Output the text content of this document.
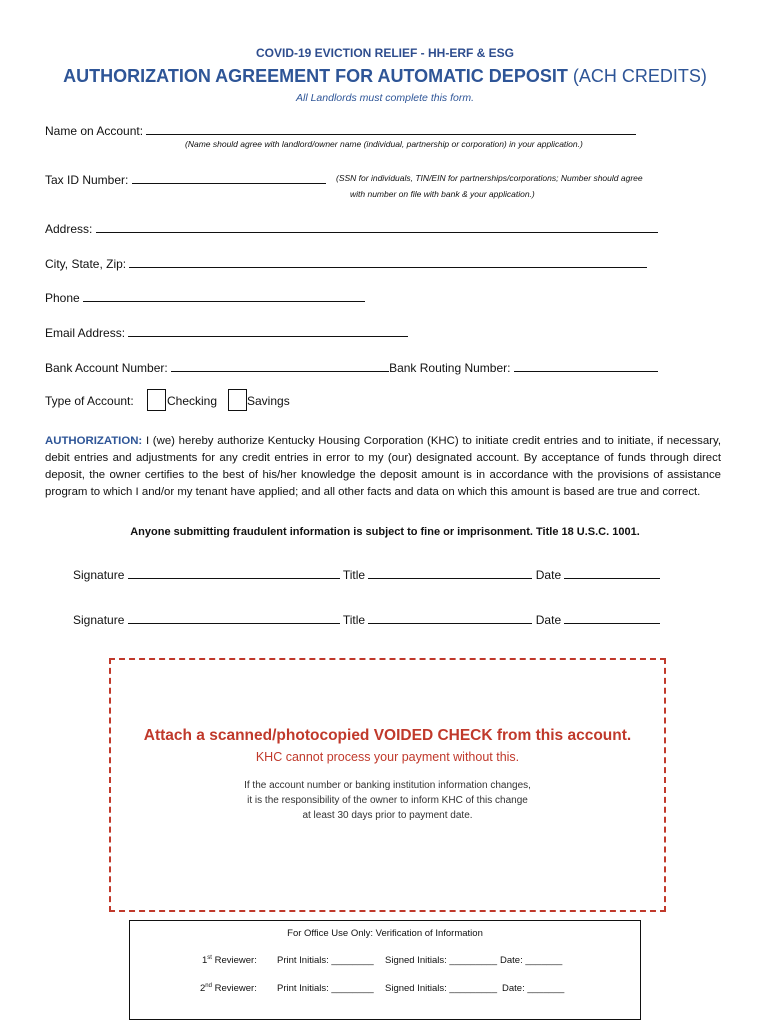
COVID-19 EVICTION RELIEF - HH-ERF & ESG
AUTHORIZATION AGREEMENT FOR AUTOMATIC DEPOSIT (ACH CREDITS)
All Landlords must complete this form.
Name on Account:
(Name should agree with landlord/owner name (individual, partnership or corporation) in your application.)
Tax ID Number:	(SSN for individuals, TIN/EIN for partnerships/corporations; Number should agree
with number on file with bank & your application.)
Address:
City, State, Zip:
Phone
Email Address:
Bank Account Number:	Bank Routing Number:
Type of Account:	Checking Savings
AUTHORIZATION: I (we) hereby authorize Kentucky Housing Corporation (KHC) to initiate credit entries and to initiate, if necessary, debit entries and adjustments for any credit entries in error to my (our) designated account. By acceptance of funds through direct deposit, the owner certifies to the best of his/her knowledge the deposit amount is in accordance with the provisions of assistance program to which I and/or my tenant have applied; and all other facts and data on which this amount is based are true and correct.
Anyone submitting fraudulent information is subject to fine or imprisonment. Title 18 U.S.C. 1001.
Signature	Title	Date
Signature	Title	Date
Attach a scanned/photocopied VOIDED CHECK from this account.
KHC cannot process your payment without this.
If the account number or banking institution information changes,
it is the responsibility of the owner to inform KHC of this change
at least 30 days prior to payment date.
For Office Use Only: Verification of Information
1st Reviewer: Print Initials: ________ Signed Initials: _________ Date: _______
2nd Reviewer: Print Initials: ________ Signed Initials: _________ Date: _______
